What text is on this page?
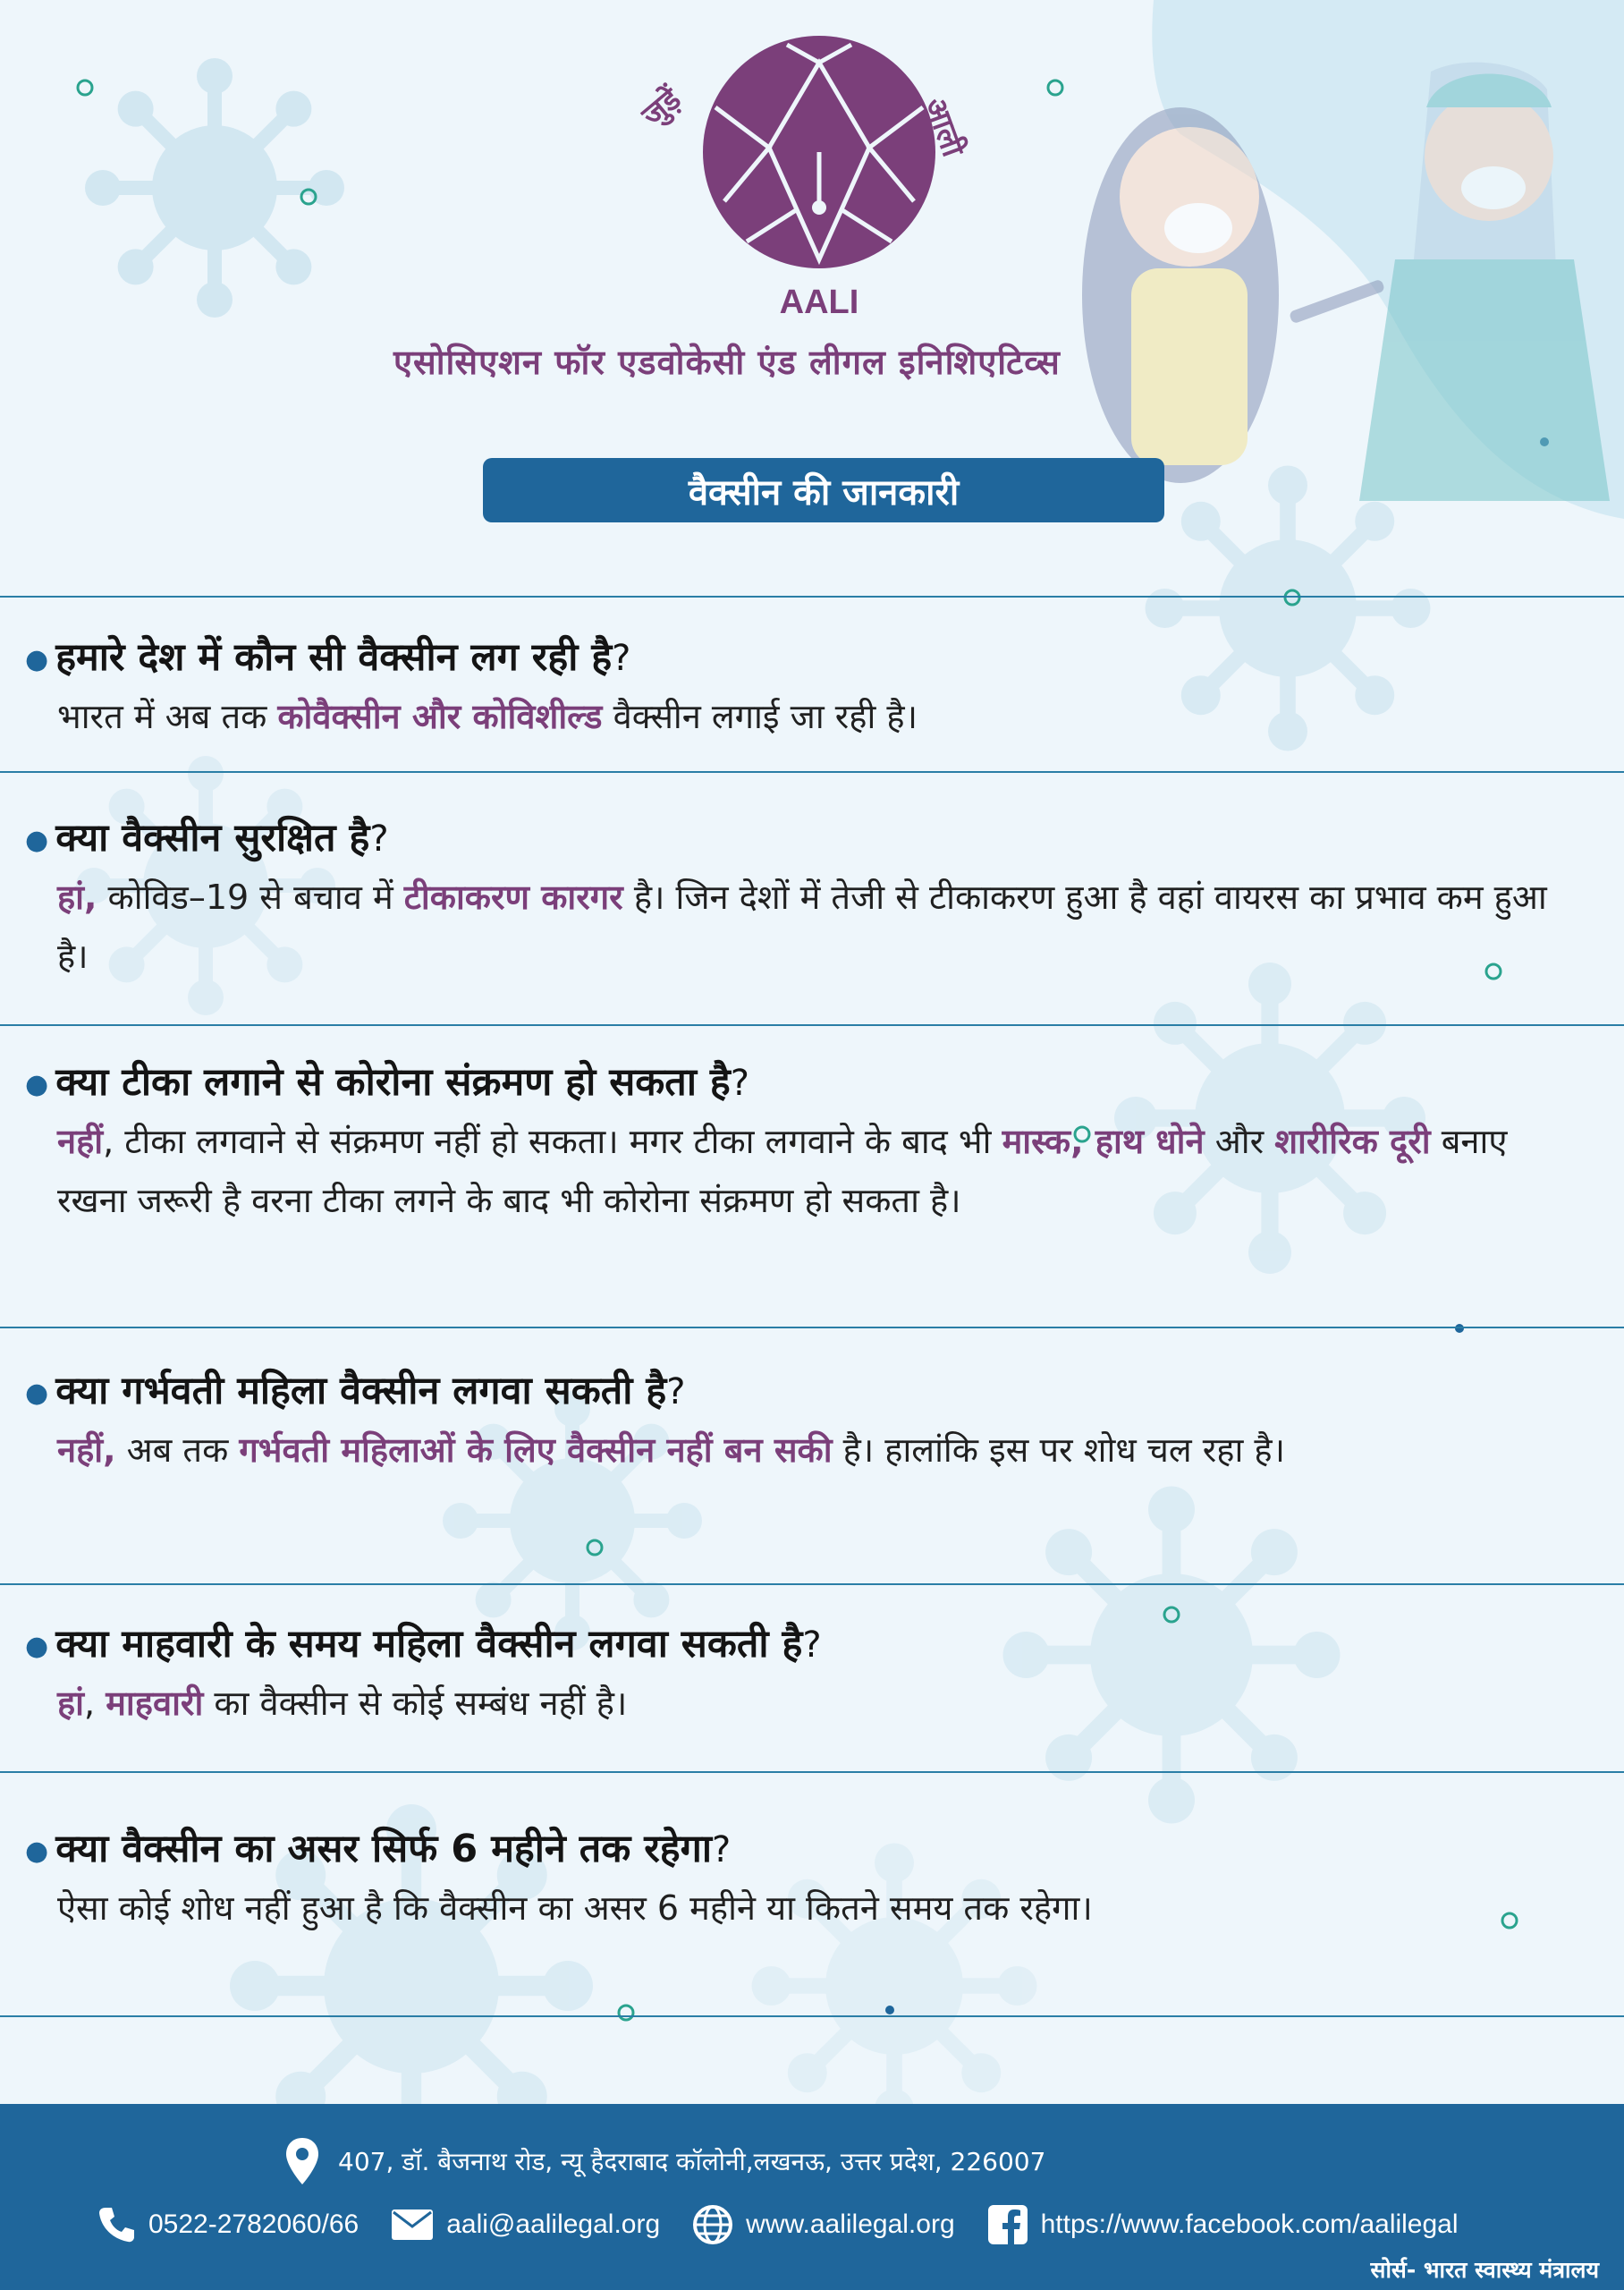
जुड़ें	आली
AALI
एसोसिएशन फॉर एडवोकेसी एंड लीगल इनिशिएटिव्स
वैक्सीन की जानकारी
● हमारे देश में कौन सी वैक्सीन लग रही है?
भारत में अब तक कोवैक्सीन और कोविशील्ड वैक्सीन लगाई जा रही है।
● क्या वैक्सीन सुरक्षित है?
हां, कोविड–19 से बचाव में टीकाकरण कारगर है। जिन देशों में तेजी से टीकाकरण हुआ है वहां वायरस का प्रभाव कम हुआ है।
● क्या टीका लगाने से कोरोना संक्रमण हो सकता है?
नहीं, टीका लगवाने से संक्रमण नहीं हो सकता। मगर टीका लगवाने के बाद भी मास्क, हाथ धोने और शारीरिक दूरी बनाए रखना जरूरी है वरना टीका लगने के बाद भी कोरोना संक्रमण हो सकता है।
● क्या गर्भवती महिला वैक्सीन लगवा सकती है?
नहीं, अब तक गर्भवती महिलाओं के लिए वैक्सीन नहीं बन सकी है। हालांकि इस पर शोध चल रहा है।
● क्या माहवारी के समय महिला वैक्सीन लगवा सकती है?
हां, माहवारी का वैक्सीन से कोई सम्बंध नहीं है।
● क्या वैक्सीन का असर सिर्फ 6 महीने तक रहेगा?
ऐसा कोई शोध नहीं हुआ है कि वैक्सीन का असर 6 महीने या कितने समय तक रहेगा।
407, डॉ. बैजनाथ रोड, न्यू हैदराबाद कॉलोनी,लखनऊ, उत्तर प्रदेश, 226007
0522-2782060/66	aali@aalilegal.org	www.aalilegal.org	https://www.facebook.com/aalilegal
सोर्स- भारत स्वास्थ्य मंत्रालय
